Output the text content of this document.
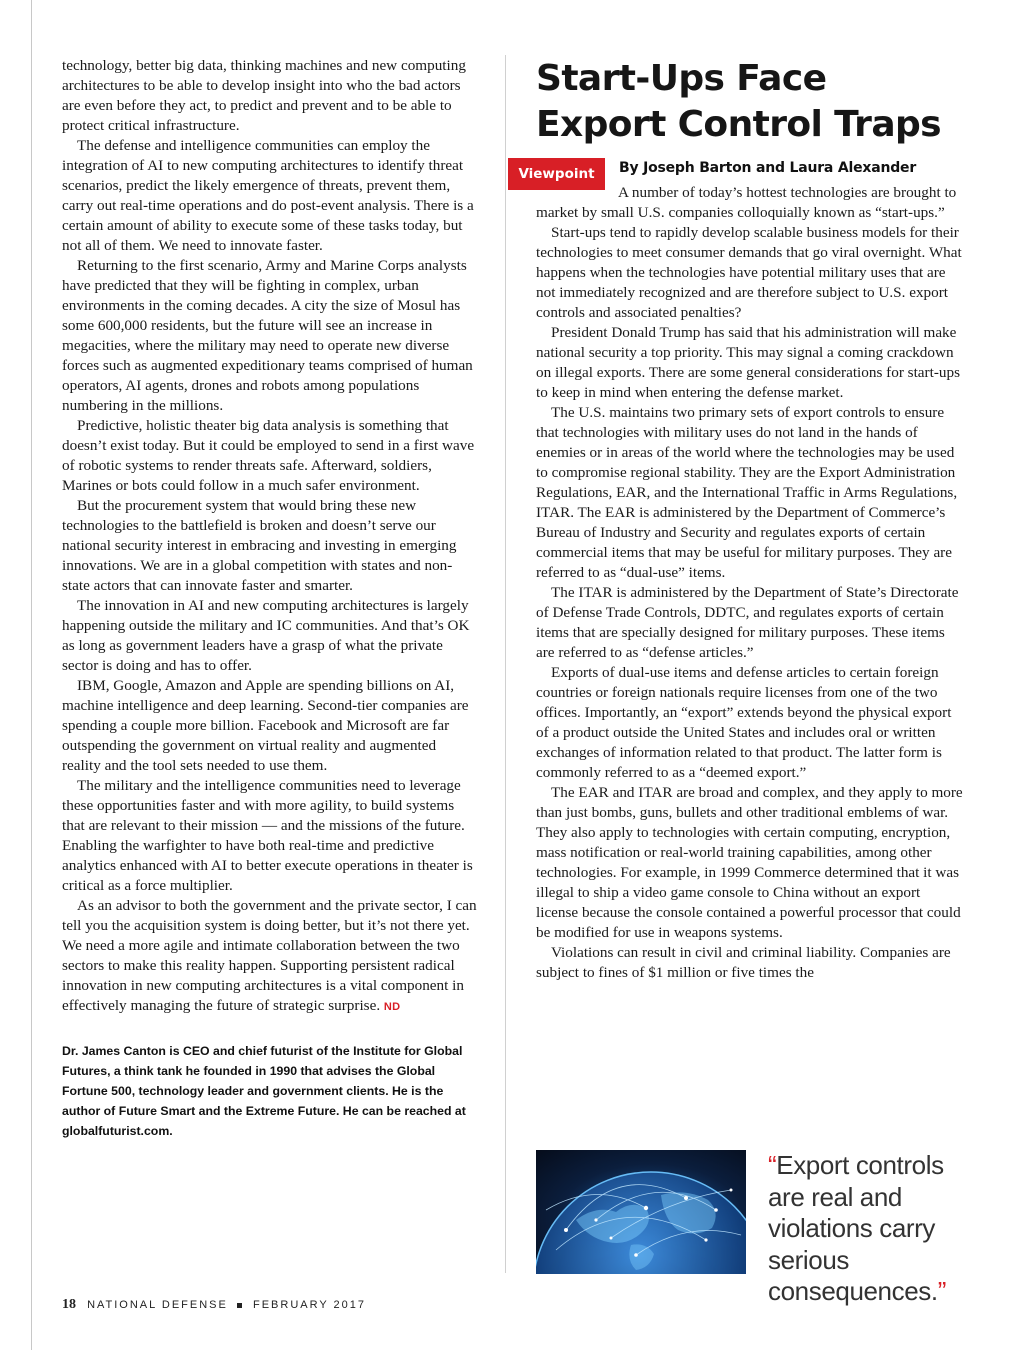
technology, better big data, thinking machines and new computing architectures to be able to develop insight into who the bad actors are even before they act, to predict and prevent and to be able to protect critical infrastructure.

The defense and intelligence communities can employ the integration of AI to new computing architectures to identify threat scenarios, predict the likely emergence of threats, prevent them, carry out real-time operations and do post-event analysis. There is a certain amount of ability to execute some of these tasks today, but not all of them. We need to innovate faster.

Returning to the first scenario, Army and Marine Corps analysts have predicted that they will be fighting in complex, urban environments in the coming decades. A city the size of Mosul has some 600,000 residents, but the future will see an increase in megacities, where the military may need to operate new diverse forces such as augmented expeditionary teams comprised of human operators, AI agents, drones and robots among populations numbering in the millions.

Predictive, holistic theater big data analysis is something that doesn’t exist today. But it could be employed to send in a first wave of robotic systems to render threats safe. Afterward, soldiers, Marines or bots could follow in a much safer environment.

But the procurement system that would bring these new technologies to the battlefield is broken and doesn’t serve our national security interest in embracing and investing in emerging innovations. We are in a global competition with states and non-state actors that can innovate faster and smarter.

The innovation in AI and new computing architectures is largely happening outside the military and IC communities. And that’s OK as long as government leaders have a grasp of what the private sector is doing and has to offer.

IBM, Google, Amazon and Apple are spending billions on AI, machine intelligence and deep learning. Second-tier companies are spending a couple more billion. Facebook and Microsoft are far outspending the government on virtual reality and augmented reality and the tool sets needed to use them.

The military and the intelligence communities need to leverage these opportunities faster and with more agility, to build systems that are relevant to their mission — and the missions of the future. Enabling the warfighter to have both real-time and predictive analytics enhanced with AI to better execute operations in theater is critical as a force multiplier.

As an advisor to both the government and the private sector, I can tell you the acquisition system is doing better, but it’s not there yet. We need a more agile and intimate collaboration between the two sectors to make this reality happen. Supporting persistent radical innovation in new computing architectures is a vital component in effectively managing the future of strategic surprise. ND

Dr. James Canton is CEO and chief futurist of the Institute for Global Futures, a think tank he founded in 1990 that advises the Global Fortune 500, technology leader and government clients. He is the author of Future Smart and the Extreme Future. He can be reached at globalfuturist.com.
Start-Ups Face
Export Control Traps
Viewpoint	By Joseph Barton and Laura Alexander

A number of today’s hottest technologies are brought to market by small U.S. companies colloquially known as “start-ups.”

Start-ups tend to rapidly develop scalable business models for their technologies to meet consumer demands that go viral overnight. What happens when the technologies have potential military uses that are not immediately recognized and are therefore subject to U.S. export controls and associated penalties?

President Donald Trump has said that his administration will make national security a top priority. This may signal a coming crackdown on illegal exports. There are some general considerations for start-ups to keep in mind when entering the defense market.

The U.S. maintains two primary sets of export controls to ensure that technologies with military uses do not land in the hands of enemies or in areas of the world where the technologies may be used to compromise regional stability. They are the Export Administration Regulations, EAR, and the International Traffic in Arms Regulations, ITAR. The EAR is administered by the Department of Commerce’s Bureau of Industry and Security and regulates exports of certain commercial items that may be useful for military purposes. They are referred to as “dual-use” items.

The ITAR is administered by the Department of State’s Directorate of Defense Trade Controls, DDTC, and regulates exports of certain items that are specially designed for military purposes. These items are referred to as “defense articles.”

Exports of dual-use items and defense articles to certain foreign countries or foreign nationals require licenses from one of the two offices. Importantly, an “export” extends beyond the physical export of a product outside the United States and includes oral or written exchanges of information related to that product. The latter form is commonly referred to as a “deemed export.”

The EAR and ITAR are broad and complex, and they apply to more than just bombs, guns, bullets and other traditional emblems of war. They also apply to technologies with certain computing, encryption, mass notification or real-world training capabilities, among other technologies. For example, in 1999 Commerce determined that it was illegal to ship a video game console to China without an export license because the console contained a powerful processor that could be modified for use in weapons systems.

Violations can result in civil and criminal liability. Companies are subject to fines of $1 million or five times the

“Export controls are real and violations carry serious consequences.”
18 NATIONAL DEFENSE FEBRUARY 2017
